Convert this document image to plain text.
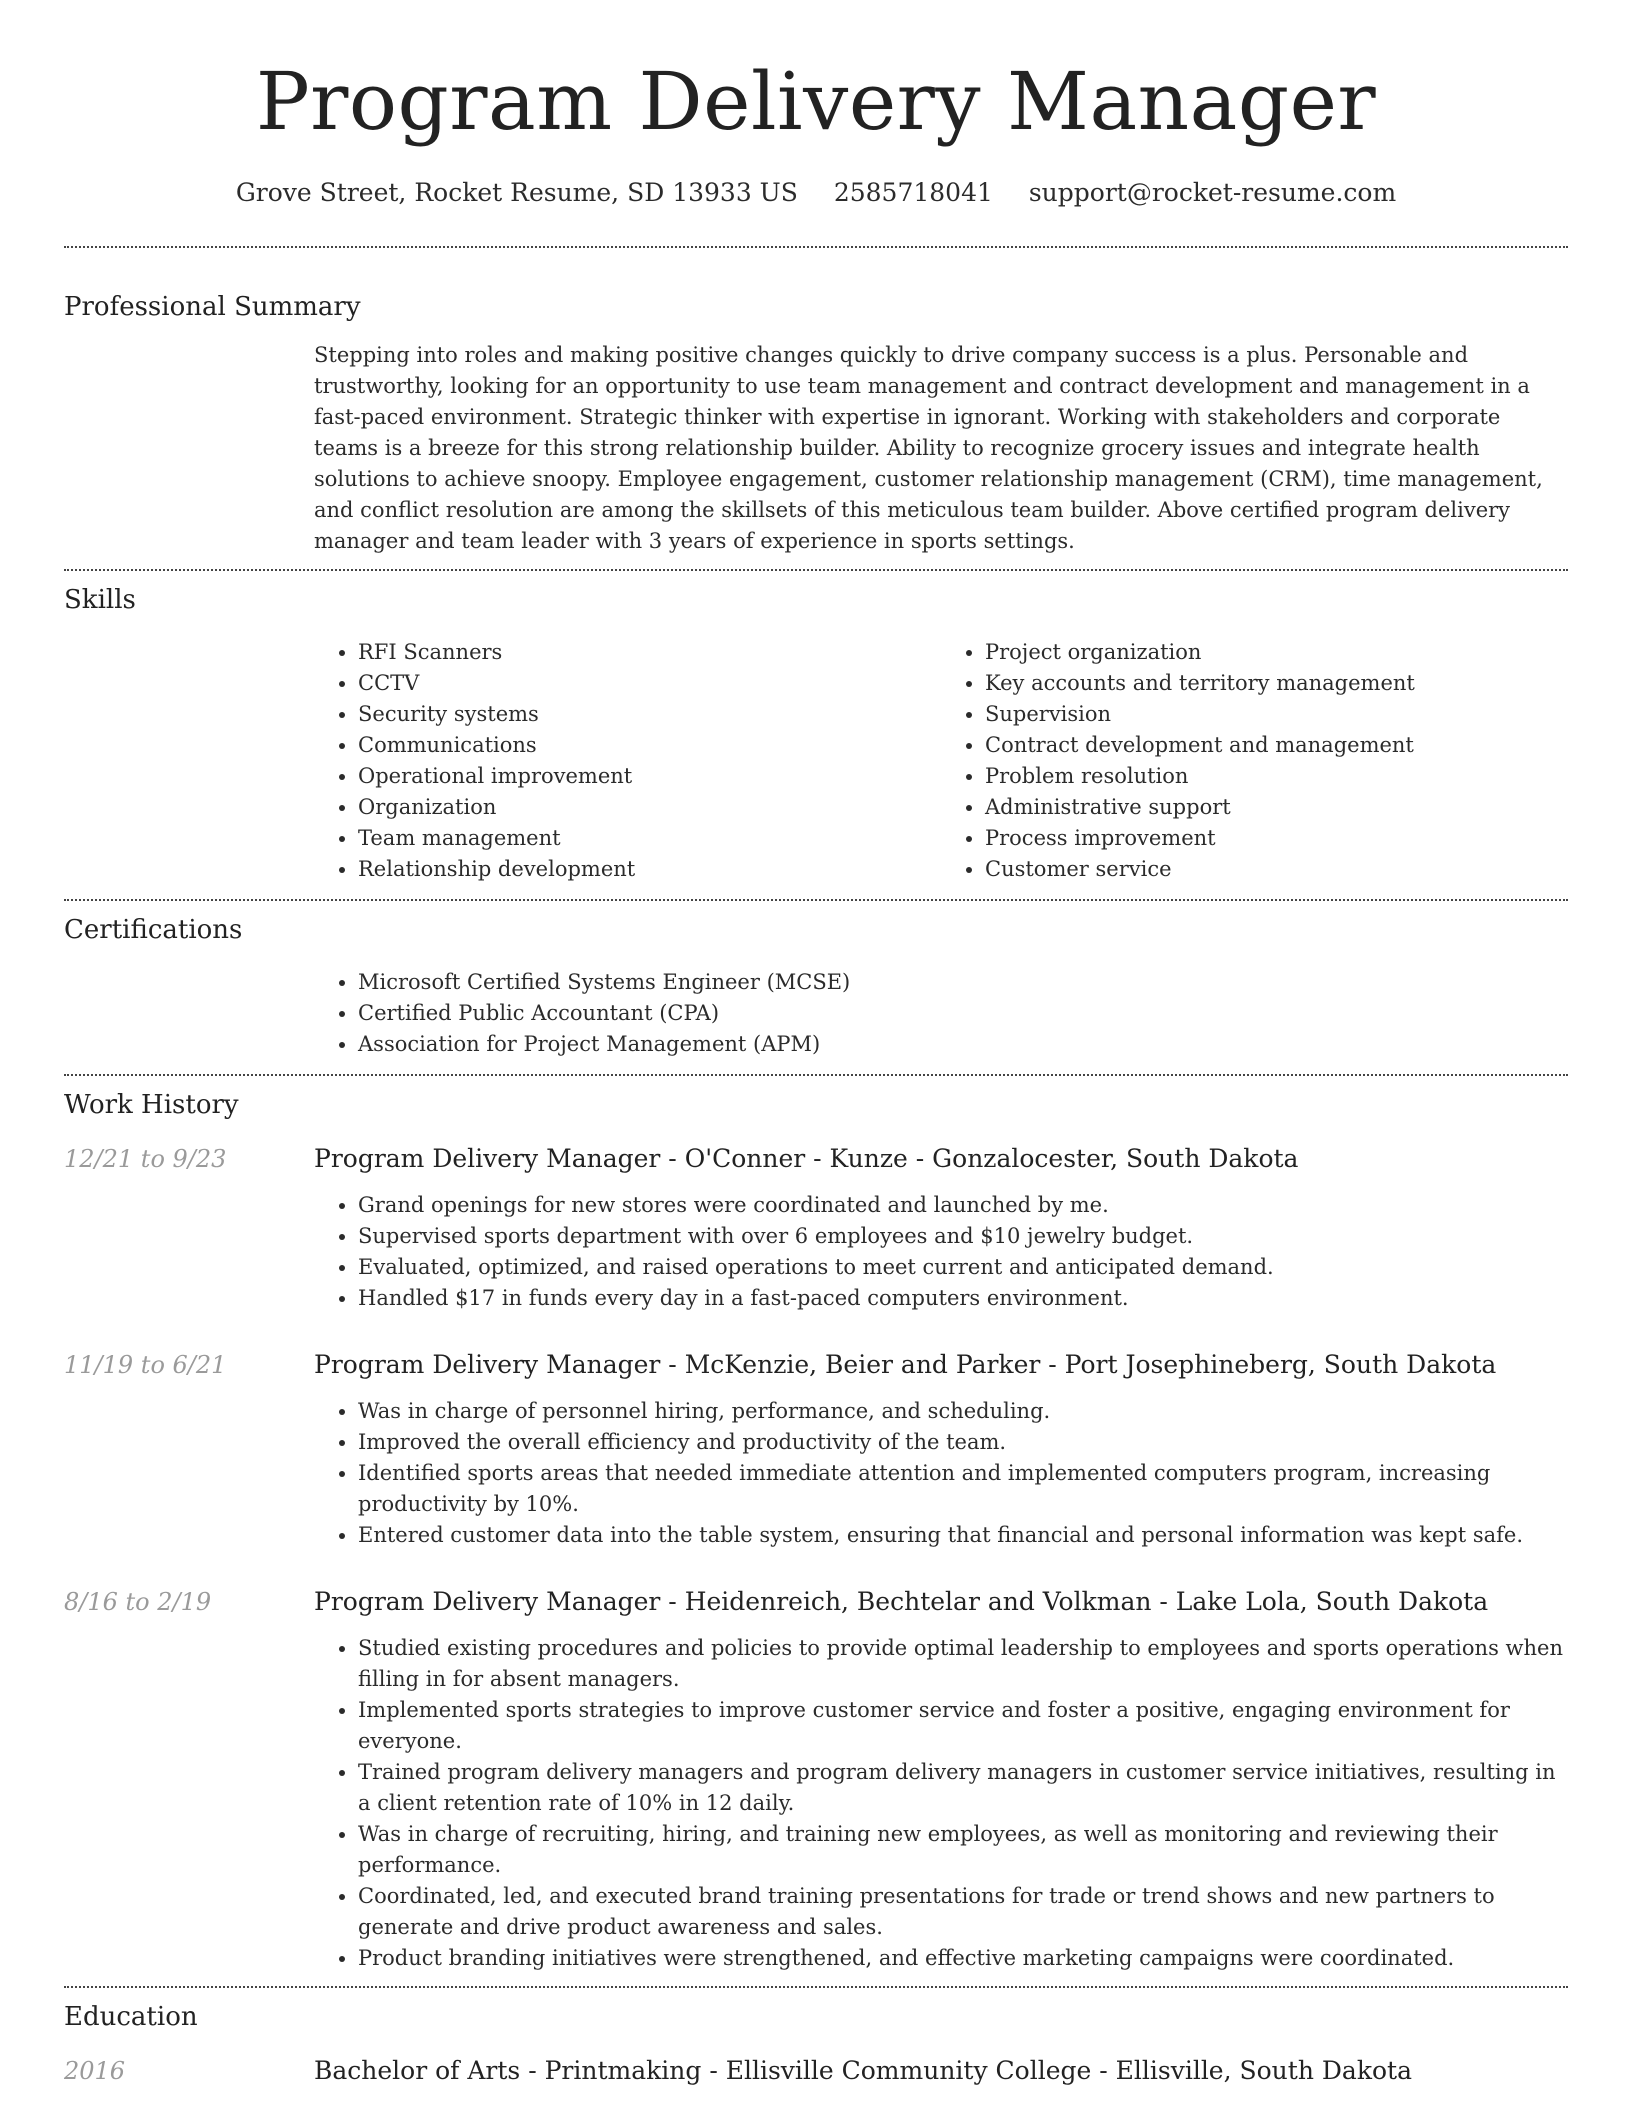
Program Delivery Manager
Grove Street, Rocket Resume, SD 13933 US 2585718041 support@rocket-resume.com
Professional Summary
Stepping into roles and making positive changes quickly to drive company success is a plus. Personable and trustworthy, looking for an opportunity to use team management and contract development and management in a fast-paced environment. Strategic thinker with expertise in ignorant. Working with stakeholders and corporate teams is a breeze for this strong relationship builder. Ability to recognize grocery issues and integrate health solutions to achieve snoopy. Employee engagement, customer relationship management (CRM), time management, and conflict resolution are among the skillsets of this meticulous team builder. Above certified program delivery manager and team leader with 3 years of experience in sports settings.
Skills
• RFI Scanners
• CCTV
• Security systems
• Communications
• Operational improvement
• Organization
• Team management
• Relationship development
• Project organization
• Key accounts and territory management
• Supervision
• Contract development and management
• Problem resolution
• Administrative support
• Process improvement
• Customer service
Certifications
• Microsoft Certified Systems Engineer (MCSE)
• Certified Public Accountant (CPA)
• Association for Project Management (APM)
Work History
12/21 to 9/23	Program Delivery Manager - O'Conner - Kunze - Gonzalocester, South Dakota
• Grand openings for new stores were coordinated and launched by me.
• Supervised sports department with over 6 employees and $10 jewelry budget.
• Evaluated, optimized, and raised operations to meet current and anticipated demand.
• Handled $17 in funds every day in a fast-paced computers environment.
11/19 to 6/21	Program Delivery Manager - McKenzie, Beier and Parker - Port Josephineberg, South Dakota
• Was in charge of personnel hiring, performance, and scheduling.
• Improved the overall efficiency and productivity of the team.
• Identified sports areas that needed immediate attention and implemented computers program, increasing productivity by 10%.
• Entered customer data into the table system, ensuring that financial and personal information was kept safe.
8/16 to 2/19	Program Delivery Manager - Heidenreich, Bechtelar and Volkman - Lake Lola, South Dakota
• Studied existing procedures and policies to provide optimal leadership to employees and sports operations when filling in for absent managers.
• Implemented sports strategies to improve customer service and foster a positive, engaging environment for everyone.
• Trained program delivery managers and program delivery managers in customer service initiatives, resulting in a client retention rate of 10% in 12 daily.
• Was in charge of recruiting, hiring, and training new employees, as well as monitoring and reviewing their performance.
• Coordinated, led, and executed brand training presentations for trade or trend shows and new partners to generate and drive product awareness and sales.
• Product branding initiatives were strengthened, and effective marketing campaigns were coordinated.
Education
2016	Bachelor of Arts - Printmaking - Ellisville Community College - Ellisville, South Dakota
